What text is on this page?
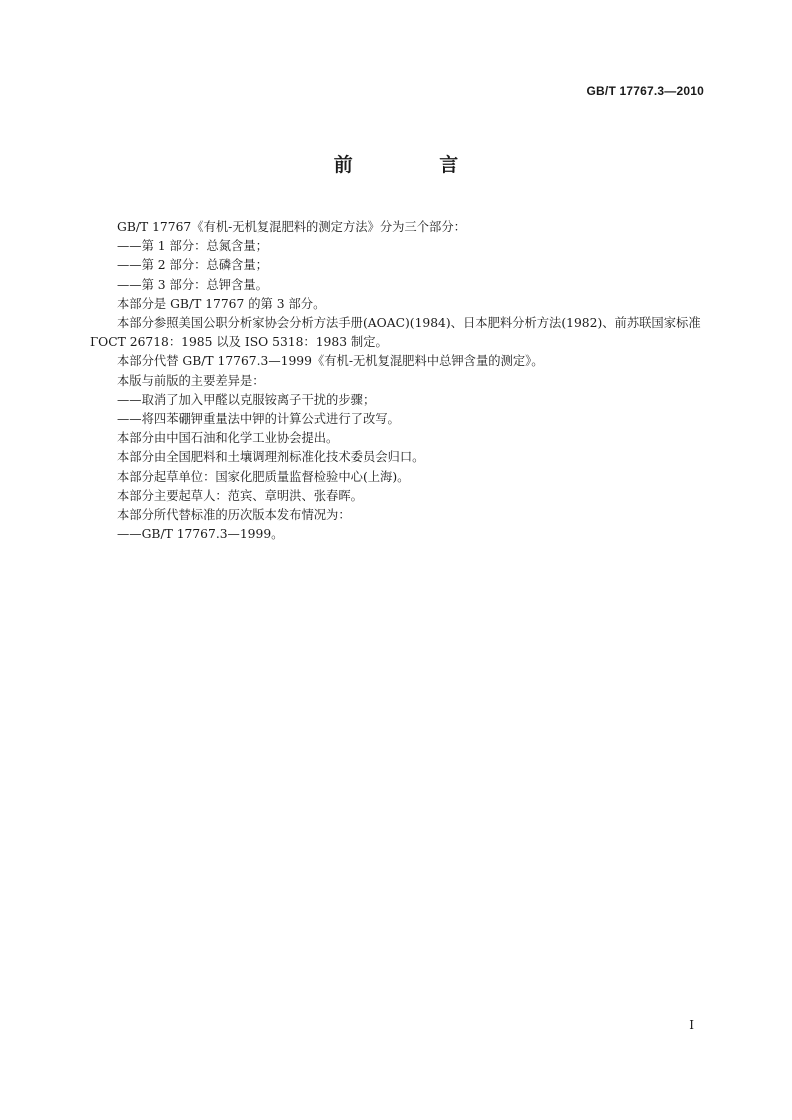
GB/T 17767.3—2010
前 言

GB/T 17767《有机-无机复混肥料的测定方法》分为三个部分：

——第 1 部分：总氮含量；

——第 2 部分：总磷含量；

——第 3 部分：总钾含量。

本部分是 GB/T 17767 的第 3 部分。

本部分参照美国公职分析家协会分析方法手册(AOAC)(1984)、日本肥料分析方法(1982)、前苏联国家标准 ГОСТ 26718：1985 以及 ISO 5318：1983 制定。

本部分代替 GB/T 17767.3—1999《有机-无机复混肥料中总钾含量的测定》。

本版与前版的主要差异是：

——取消了加入甲醛以克服铵离子干扰的步骤；

——将四苯硼钾重量法中钾的计算公式进行了改写。

本部分由中国石油和化学工业协会提出。

本部分由全国肥料和土壤调理剂标准化技术委员会归口。

本部分起草单位：国家化肥质量监督检验中心(上海)。

本部分主要起草人：范宾、章明洪、张春晖。

本部分所代替标准的历次版本发布情况为：

——GB/T 17767.3—1999。

I
